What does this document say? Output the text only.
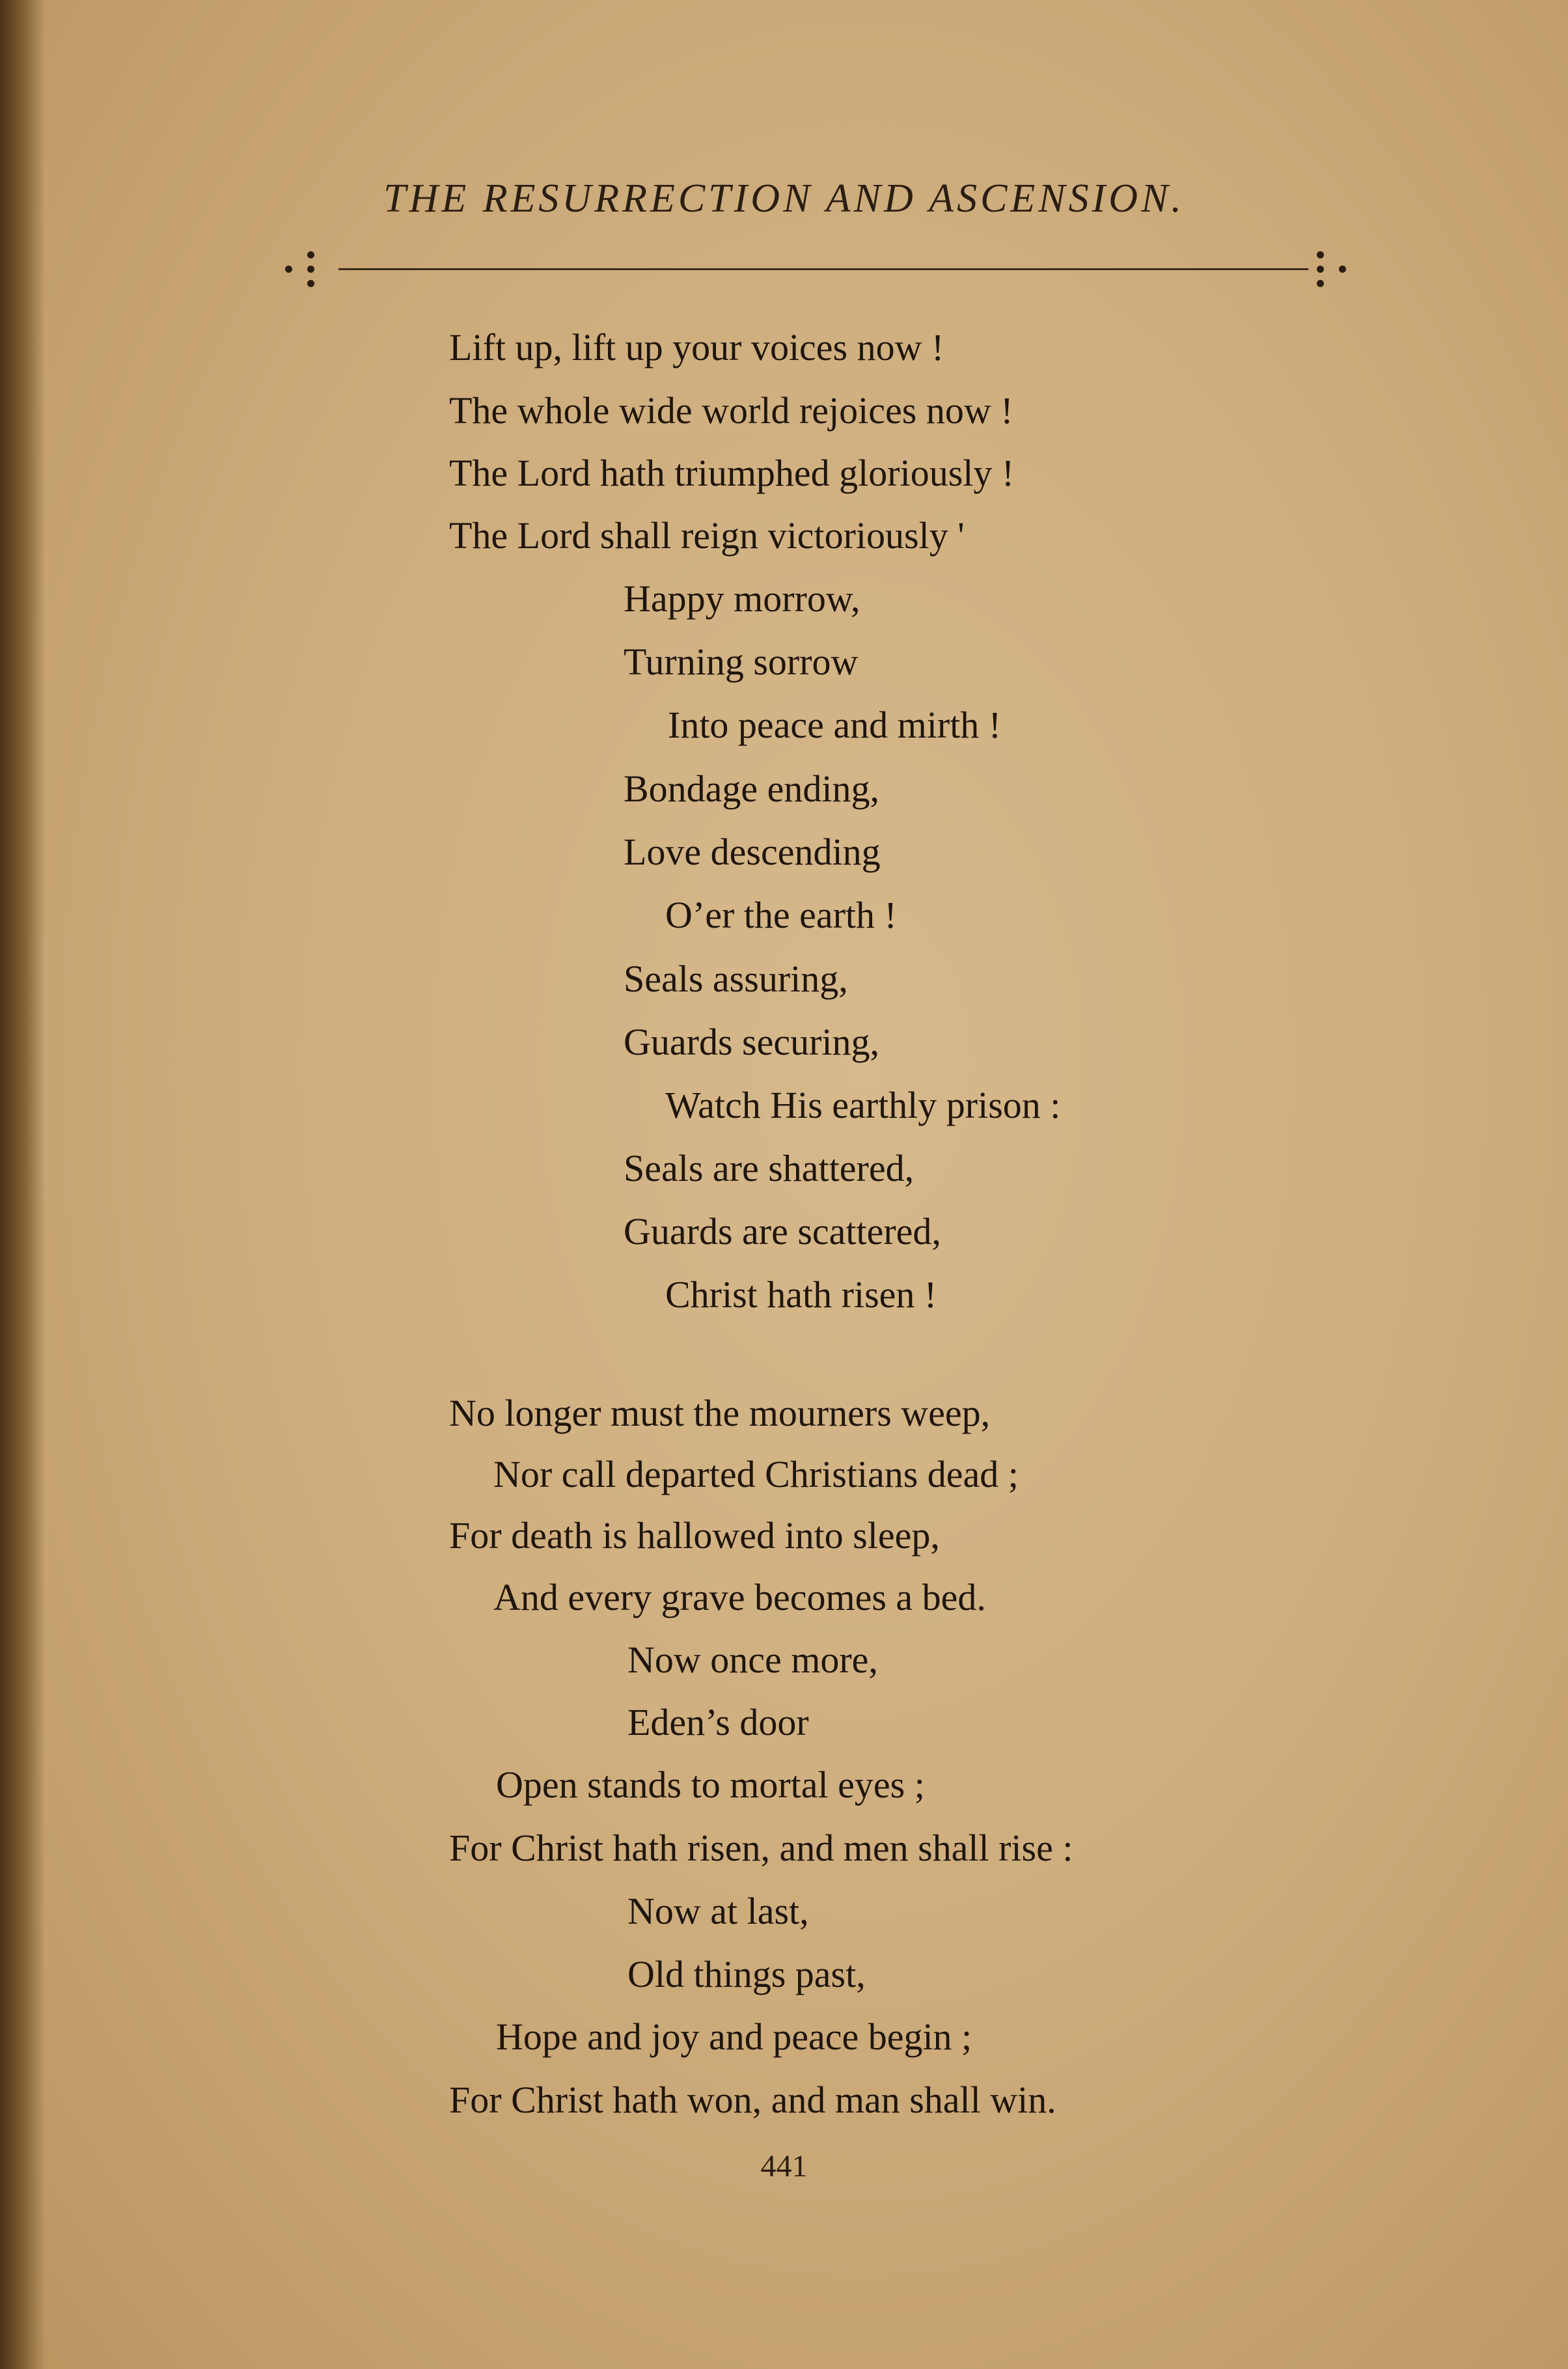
THE RESURRECTION AND ASCENSION.
Lift up, lift up your voices now !
The whole wide world rejoices now !
The Lord hath triumphed gloriously !
The Lord shall reign victoriously '
Happy morrow,
Turning sorrow
Into peace and mirth !
Bondage ending,
Love descending
O’er the earth !
Seals assuring,
Guards securing,
Watch His earthly prison :
Seals are shattered,
Guards are scattered,
Christ hath risen !
No longer must the mourners weep,
Nor call departed Christians dead ;
For death is hallowed into sleep,
And every grave becomes a bed.
Now once more,
Eden’s door
Open stands to mortal eyes ;
For Christ hath risen, and men shall rise :
Now at last,
Old things past,
Hope and joy and peace begin ;
For Christ hath won, and man shall win.
441
